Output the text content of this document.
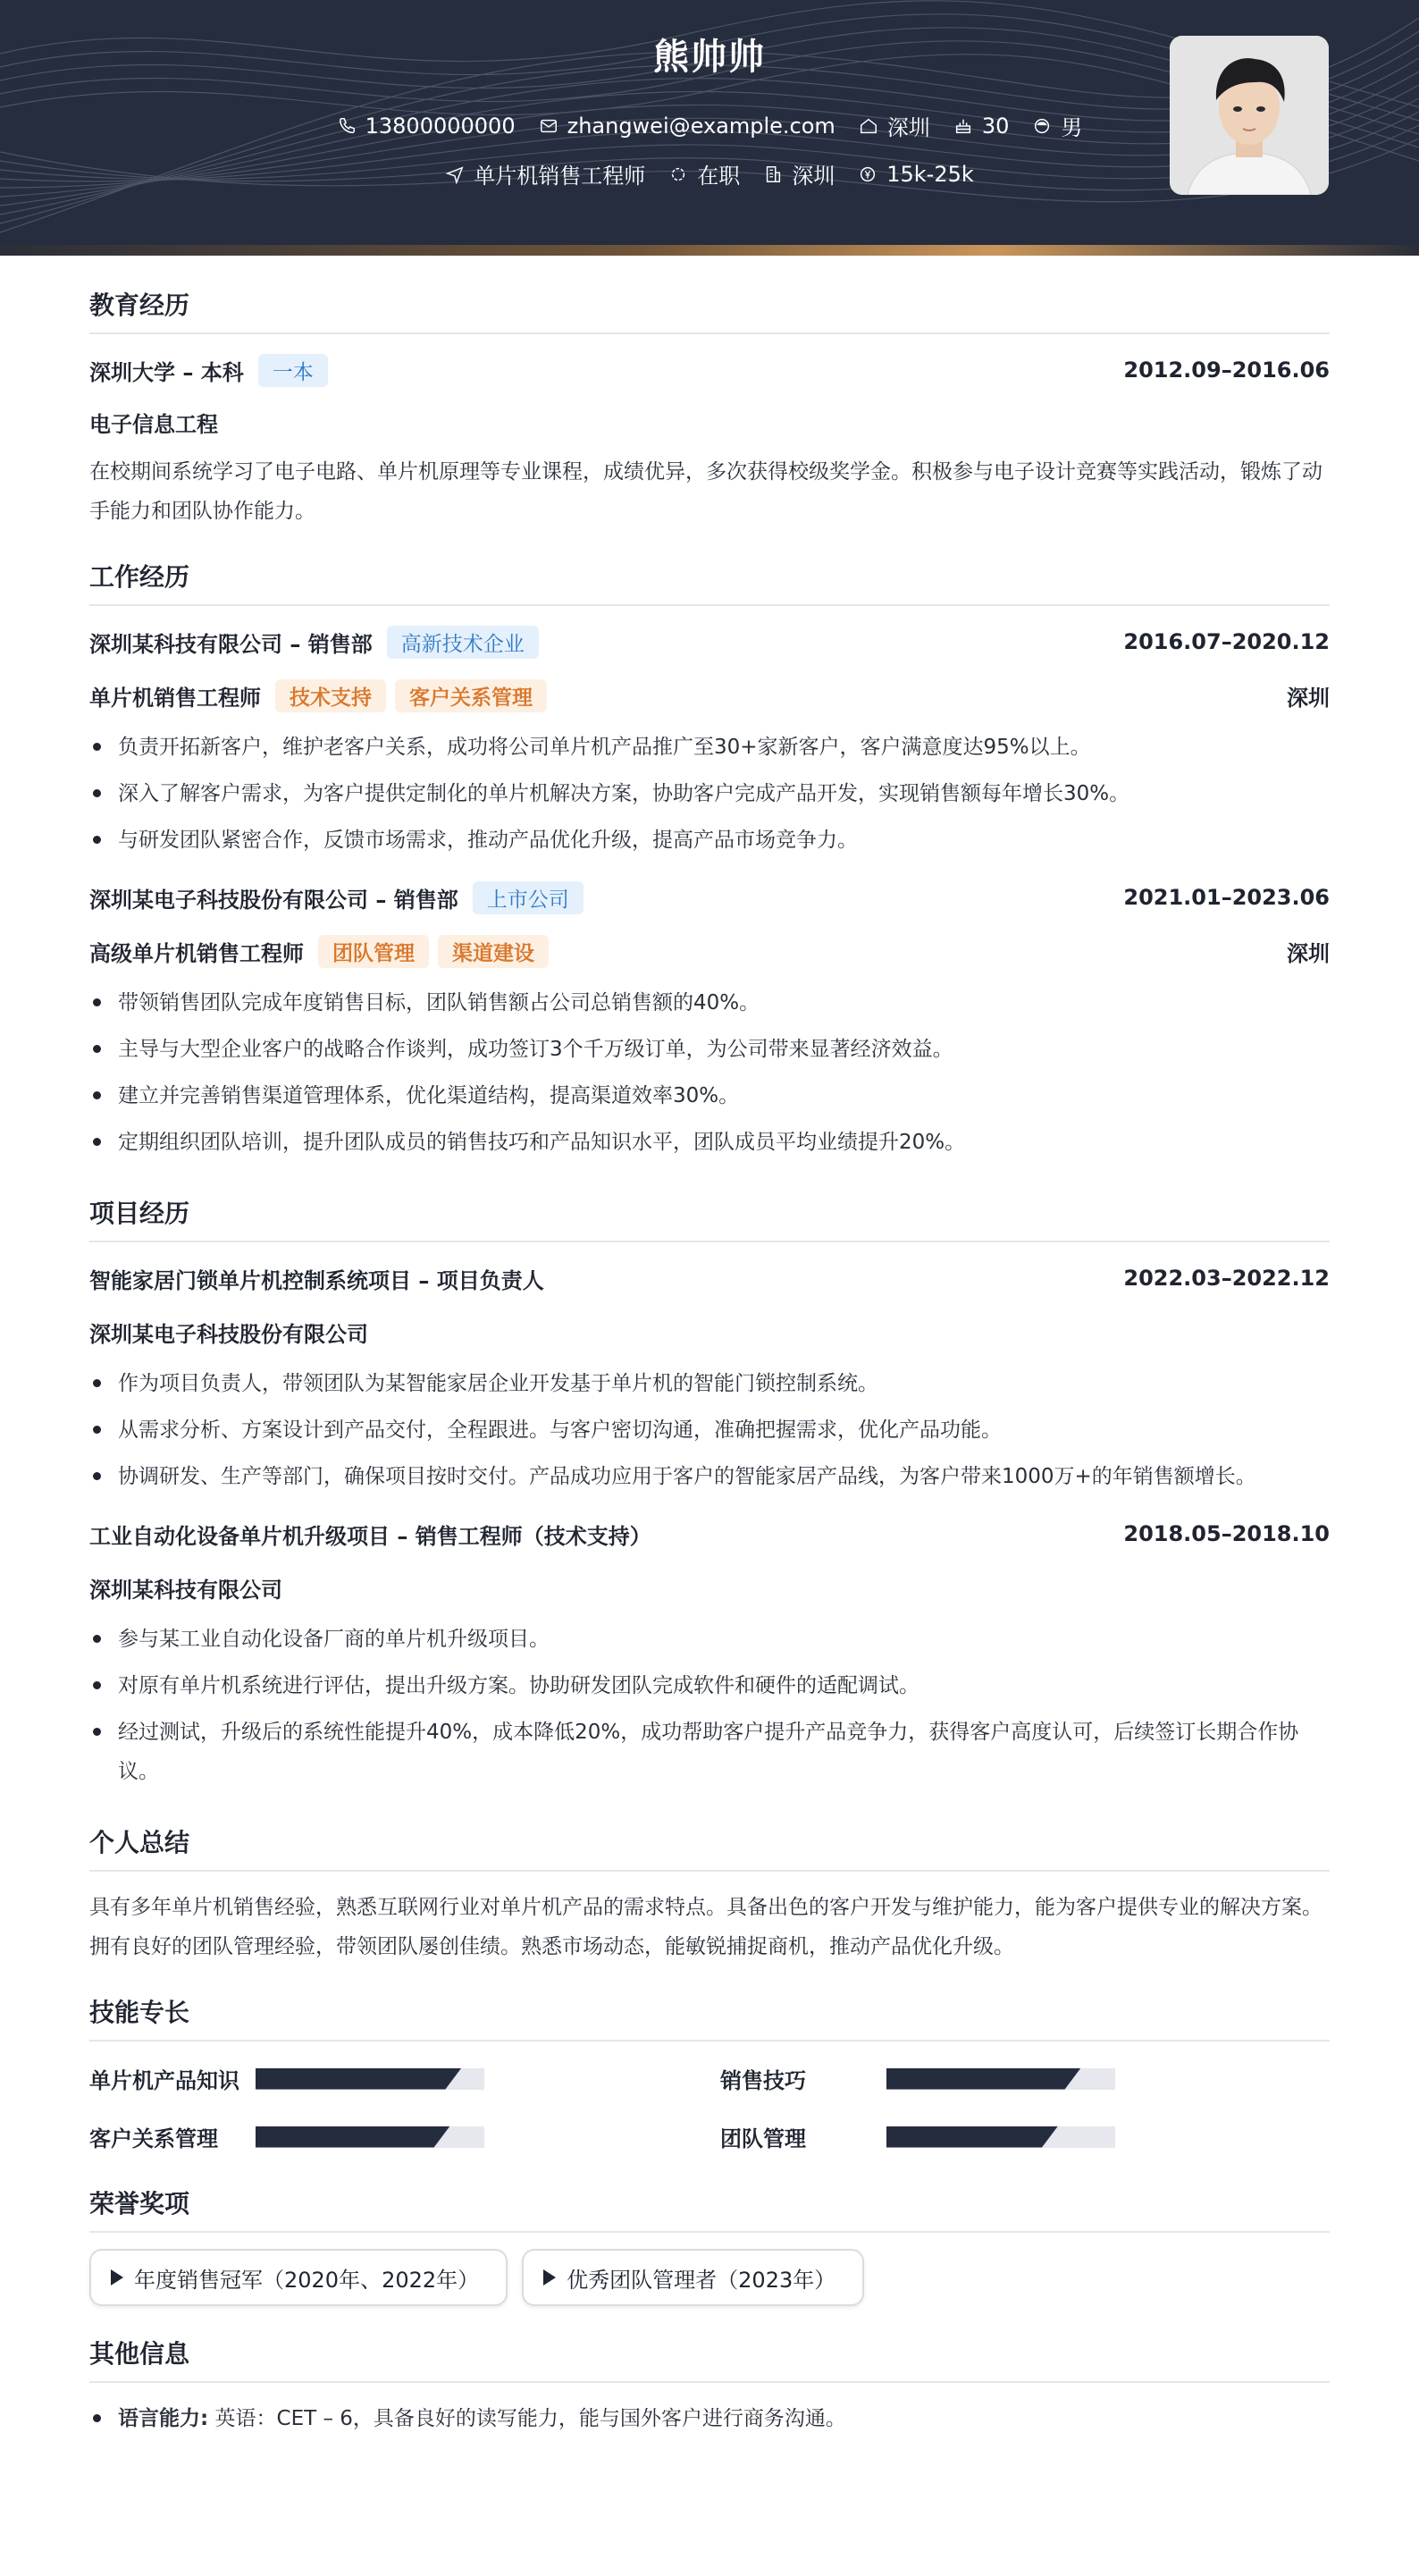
熊帅帅
13800000000 zhangwei@example.com 深圳 30 男
单片机销售工程师 在职 深圳 15k-25k
教育经历
深圳大学 – 本科	一本	2012.09–2016.06
电子信息工程

在校期间系统学习了电子电路、单片机原理等专业课程，成绩优异，多次获得校级奖学金。积极参与电子设计竞赛等实践活动，锻炼了动手能力和团队协作能力。

工作经历
深圳某科技有限公司 – 销售部	高新技术企业	2016.07–2020.12
单片机销售工程师	技术支持	客户关系管理	深圳
负责开拓新客户，维护老客户关系，成功将公司单片机产品推广至30+家新客户，客户满意度达95%以上。
深入了解客户需求，为客户提供定制化的单片机解决方案，协助客户完成产品开发，实现销售额每年增长30%。
与研发团队紧密合作，反馈市场需求，推动产品优化升级，提高产品市场竞争力。
深圳某电子科技股份有限公司 – 销售部	上市公司	2021.01–2023.06
高级单片机销售工程师	团队管理	渠道建设	深圳
带领销售团队完成年度销售目标，团队销售额占公司总销售额的40%。
主导与大型企业客户的战略合作谈判，成功签订3个千万级订单，为公司带来显著经济效益。
建立并完善销售渠道管理体系，优化渠道结构，提高渠道效率30%。
定期组织团队培训，提升团队成员的销售技巧和产品知识水平，团队成员平均业绩提升20%。
项目经历
智能家居门锁单片机控制系统项目 – 项目负责人	2022.03–2022.12
深圳某电子科技股份有限公司
作为项目负责人，带领团队为某智能家居企业开发基于单片机的智能门锁控制系统。
从需求分析、方案设计到产品交付，全程跟进。与客户密切沟通，准确把握需求，优化产品功能。
协调研发、生产等部门，确保项目按时交付。产品成功应用于客户的智能家居产品线，为客户带来1000万+的年销售额增长。
工业自动化设备单片机升级项目 – 销售工程师（技术支持）	2018.05–2018.10
深圳某科技有限公司
参与某工业自动化设备厂商的单片机升级项目。
对原有单片机系统进行评估，提出升级方案。协助研发团队完成软件和硬件的适配调试。
经过测试，升级后的系统性能提升40%，成本降低20%，成功帮助客户提升产品竞争力，获得客户高度认可，后续签订长期合作协议。
个人总结

具有多年单片机销售经验，熟悉互联网行业对单片机产品的需求特点。具备出色的客户开发与维护能力，能为客户提供专业的解决方案。拥有良好的团队管理经验，带领团队屡创佳绩。熟悉市场动态，能敏锐捕捉商机，推动产品优化升级。

技能专长
单片机产品知识	销售技巧
客户关系管理	团队管理
荣誉奖项
年度销售冠军（2020年、2022年）	优秀团队管理者（2023年）
其他信息
语言能力: 英语：CET – 6，具备良好的读写能力，能与国外客户进行商务沟通。
